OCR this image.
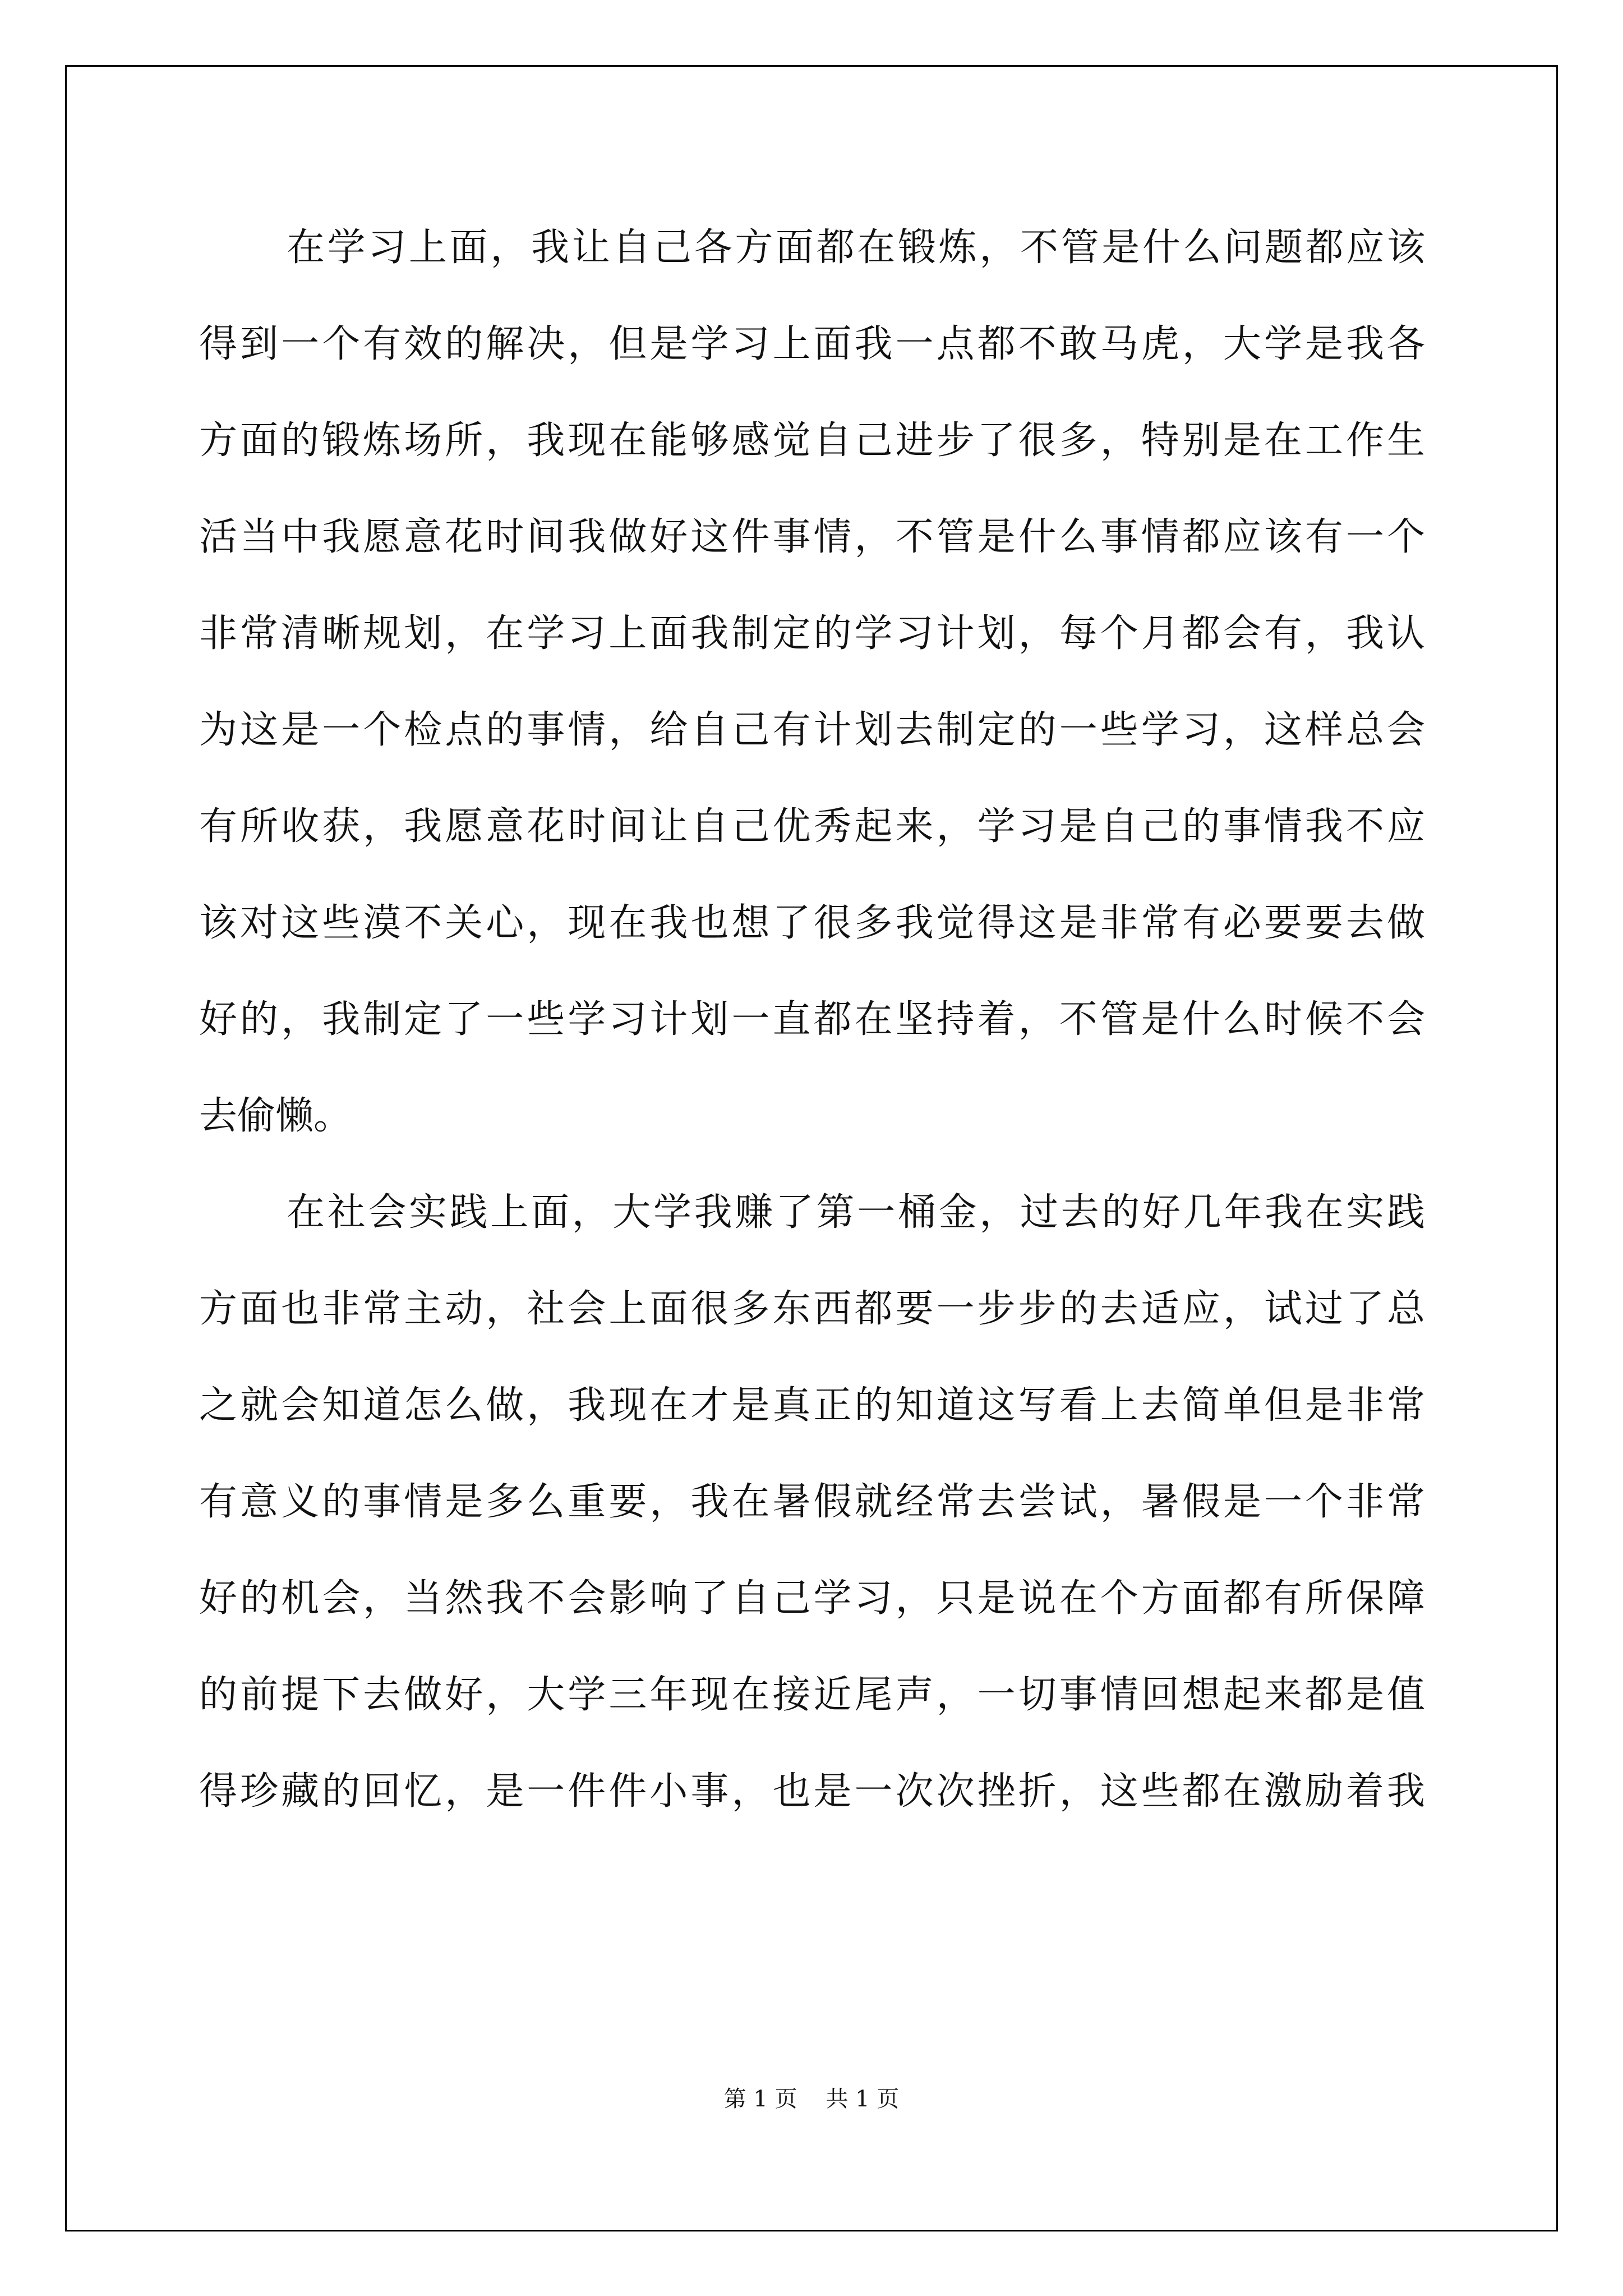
在学习上面，我让自己各方面都在锻炼，不管是什么问题都应该
得到一个有效的解决，但是学习上面我一点都不敢马虎，大学是我各
方面的锻炼场所，我现在能够感觉自己进步了很多，特别是在工作生
活当中我愿意花时间我做好这件事情，不管是什么事情都应该有一个
非常清晰规划，在学习上面我制定的学习计划，每个月都会有，我认
为这是一个检点的事情，给自己有计划去制定的一些学习，这样总会
有所收获，我愿意花时间让自己优秀起来，学习是自己的事情我不应
该对这些漠不关心，现在我也想了很多我觉得这是非常有必要要去做
好的，我制定了一些学习计划一直都在坚持着，不管是什么时候不会
去偷懒。
在社会实践上面，大学我赚了第一桶金，过去的好几年我在实践
方面也非常主动，社会上面很多东西都要一步步的去适应，试过了总
之就会知道怎么做，我现在才是真正的知道这写看上去简单但是非常
有意义的事情是多么重要，我在暑假就经常去尝试，暑假是一个非常
好的机会，当然我不会影响了自己学习，只是说在个方面都有所保障
的前提下去做好，大学三年现在接近尾声，一切事情回想起来都是值
得珍藏的回忆，是一件件小事，也是一次次挫折，这些都在激励着我
第 1 页    共 1 页
